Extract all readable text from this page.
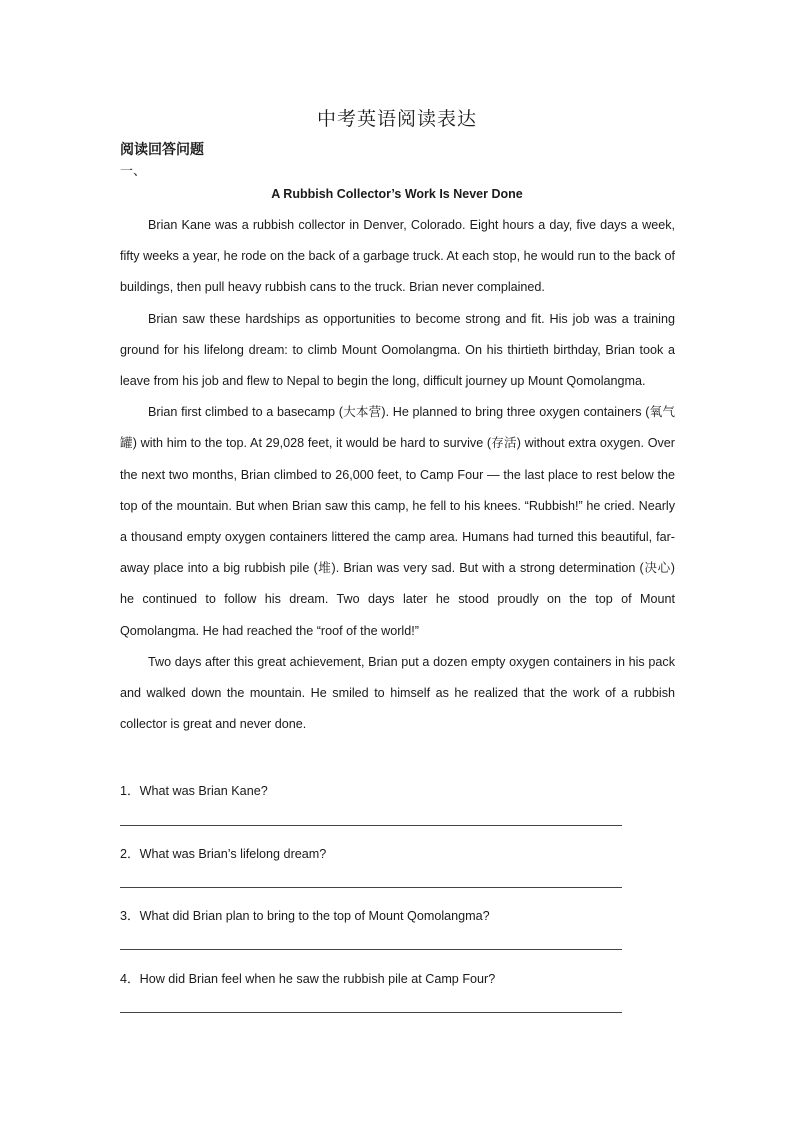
中考英语阅读表达
阅读回答问题
一、
A Rubbish Collector’s Work Is Never Done

Brian Kane was a rubbish collector in Denver, Colorado. Eight hours a day, five days a week, fifty weeks a year, he rode on the back of a garbage truck. At each stop, he would run to the back of buildings, then pull heavy rubbish cans to the truck. Brian never complained.

Brian saw these hardships as opportunities to become strong and fit. His job was a training ground for his lifelong dream: to climb Mount Oomolangma. On his thirtieth birthday, Brian took a leave from his job and flew to Nepal to begin the long, difficult journey up Mount Qomolangma.

Brian first climbed to a basecamp (大本营). He planned to bring three oxygen containers (氧气罐) with him to the top. At 29,028 feet, it would be hard to survive (存活) without extra oxygen. Over the next two months, Brian climbed to 26,000 feet, to Camp Four — the last place to rest below the top of the mountain. But when Brian saw this camp, he fell to his knees. “Rubbish!” he cried. Nearly a thousand empty oxygen containers littered the camp area. Humans had turned this beautiful, far-away place into a big rubbish pile (堆). Brian was very sad. But with a strong determination (决心) he continued to follow his dream. Two days later he stood proudly on the top of Mount Qomolangma. He had reached the “roof of the world!”

Two days after this great achievement, Brian put a dozen empty oxygen containers in his pack and walked down the mountain. He smiled to himself as he realized that the work of a rubbish collector is great and never done.

1．What was Brian Kane?
2．What was Brian’s lifelong dream?
3．What did Brian plan to bring to the top of Mount Qomolangma?
4．How did Brian feel when he saw the rubbish pile at Camp Four?
